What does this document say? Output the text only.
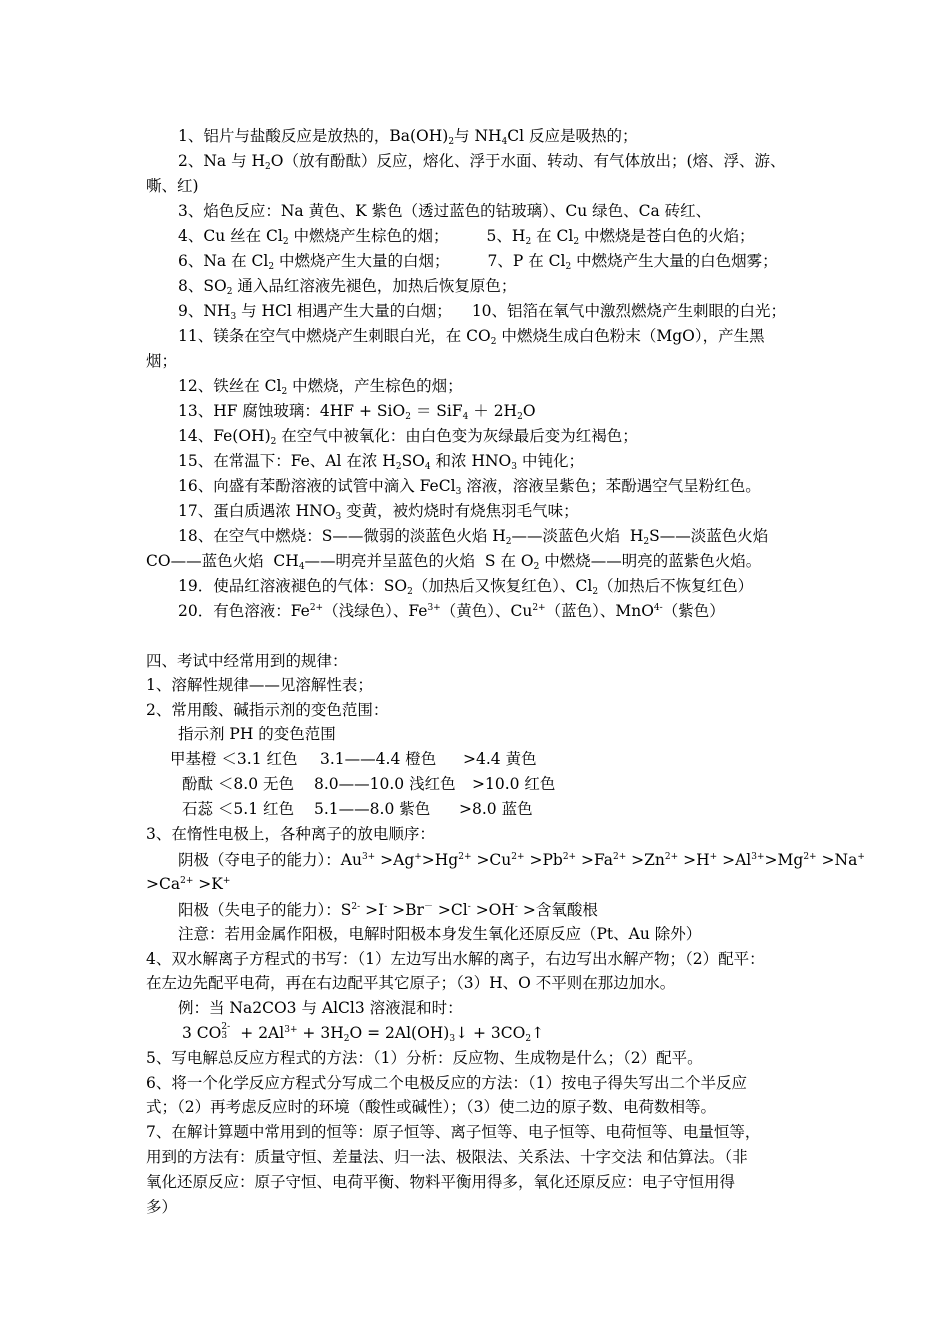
1、铝片与盐酸反应是放热的，$Ba(OH)_2$与 $NH_4Cl$ 反应是吸热的；
2、Na 与 $H_2O$（放有酚酞）反应，熔化、浮于水面、转动、有气体放出；(熔、浮、游、
嘶、红)
3、焰色反应：Na 黄色、K 紫色（透过蓝色的钴玻璃）、Cu 绿色、Ca 砖红、
4、Cu 丝在 $Cl_2$ 中燃烧产生棕色的烟； 5、$H_2$ 在 $Cl_2$ 中燃烧是苍白色的火焰；
6、Na 在 $Cl_2$ 中燃烧产生大量的白烟； 7、P 在 $Cl_2$ 中燃烧产生大量的白色烟雾；
8、$SO_2$ 通入品红溶液先褪色，加热后恢复原色；
9、$NH_3$ 与 HCl 相遇产生大量的白烟； 10、铝箔在氧气中激烈燃烧产生刺眼的白光；
11、镁条在空气中燃烧产生刺眼白光，在 $CO_2$ 中燃烧生成白色粉末（MgO），产生黑
烟；
12、铁丝在 $Cl_2$ 中燃烧，产生棕色的烟；
13、HF 腐蚀玻璃：$4HF + SiO_2 = SiF_4 + 2H_2O$
14、$Fe(OH)_2$ 在空气中被氧化：由白色变为灰绿最后变为红褐色；
15、在常温下：Fe、Al 在浓 $H_2SO_4$ 和浓 $HNO_3$ 中钝化；
16、向盛有苯酚溶液的试管中滴入 FeCl$_3$ 溶液，溶液呈紫色；苯酚遇空气呈粉红色。
17、蛋白质遇浓 $HNO_3$ 变黄，被灼烧时有烧焦羽毛气味；
18、在空气中燃烧：S——微弱的淡蓝色火焰 $H_2——$淡蓝色火焰  $H_2S——$淡蓝色火焰
CO——蓝色火焰  $CH_4——$明亮并呈蓝色的火焰  S 在 $O_2$ 中燃烧——明亮的蓝紫色火焰。
19．使品红溶液褪色的气体：$SO_2$（加热后又恢复红色）、$Cl_2$（加热后不恢复红色）
20．有色溶液：$Fe^{2+}$（浅绿色）、$Fe^{3+}$（黄色）、$Cu^{2+}$（蓝色）、MnO$^{4-}$（紫色）
四、考试中经常用到的规律：
1、溶解性规律——见溶解性表；
2、常用酸、碱指示剂的变色范围：
指示剂 PH 的变色范围
甲基橙 ＜3.1 红色 3.1——4.4 橙色 >4.4 黄色
酚酞 ＜8.0 无色 8.0——10.0 浅红色 >10.0 红色
石蕊 ＜5.1 红色 5.1——8.0 紫色 >8.0 蓝色
3、在惰性电极上，各种离子的放电顺序：
阴极（夺电子的能力）：$Au^{3+} >Ag^+>Hg^{2+} >Cu^{2+} >Pb^{2+} >Fa^{2+} >Zn^{2+} >H^+ >Al^{3+}>Mg^{2+} >Na^+$
$>Ca^{2+} >K^+$
阳极（失电子的能力）：$S^{2-} >I^- >Br^- >Cl^- >OH^-$ >含氧酸根
注意：若用金属作阳极，电解时阳极本身发生氧化还原反应（Pt、Au 除外）
4、双水解离子方程式的书写：（1）左边写出水解的离子，右边写出水解产物；（2）配平：
在左边先配平电荷，再在右边配平其它原子；（3）H、O 不平则在那边加水。
例：当 Na2CO3 与 AlCl3 溶液混和时：
3 CO 2-
$3 + 2Al^{3+} + 3H_2O$ = $2Al(OH)_3↓$ + $3CO_2↑$
5、写电解总反应方程式的方法：（1）分析：反应物、生成物是什么；（2）配平。
6、将一个化学反应方程式分写成二个电极反应的方法：（1）按电子得失写出二个半反应
式；（2）再考虑反应时的环境（酸性或碱性）；（3）使二边的原子数、电荷数相等。
7、在解计算题中常用到的恒等：原子恒等、离子恒等、电子恒等、电荷恒等、电量恒等，
用到的方法有：质量守恒、差量法、归一法、极限法、关系法、十字交法 和估算法。（非
氧化还原反应：原子守恒、电荷平衡、物料平衡用得多，氧化还原反应：电子守恒用得
多）
